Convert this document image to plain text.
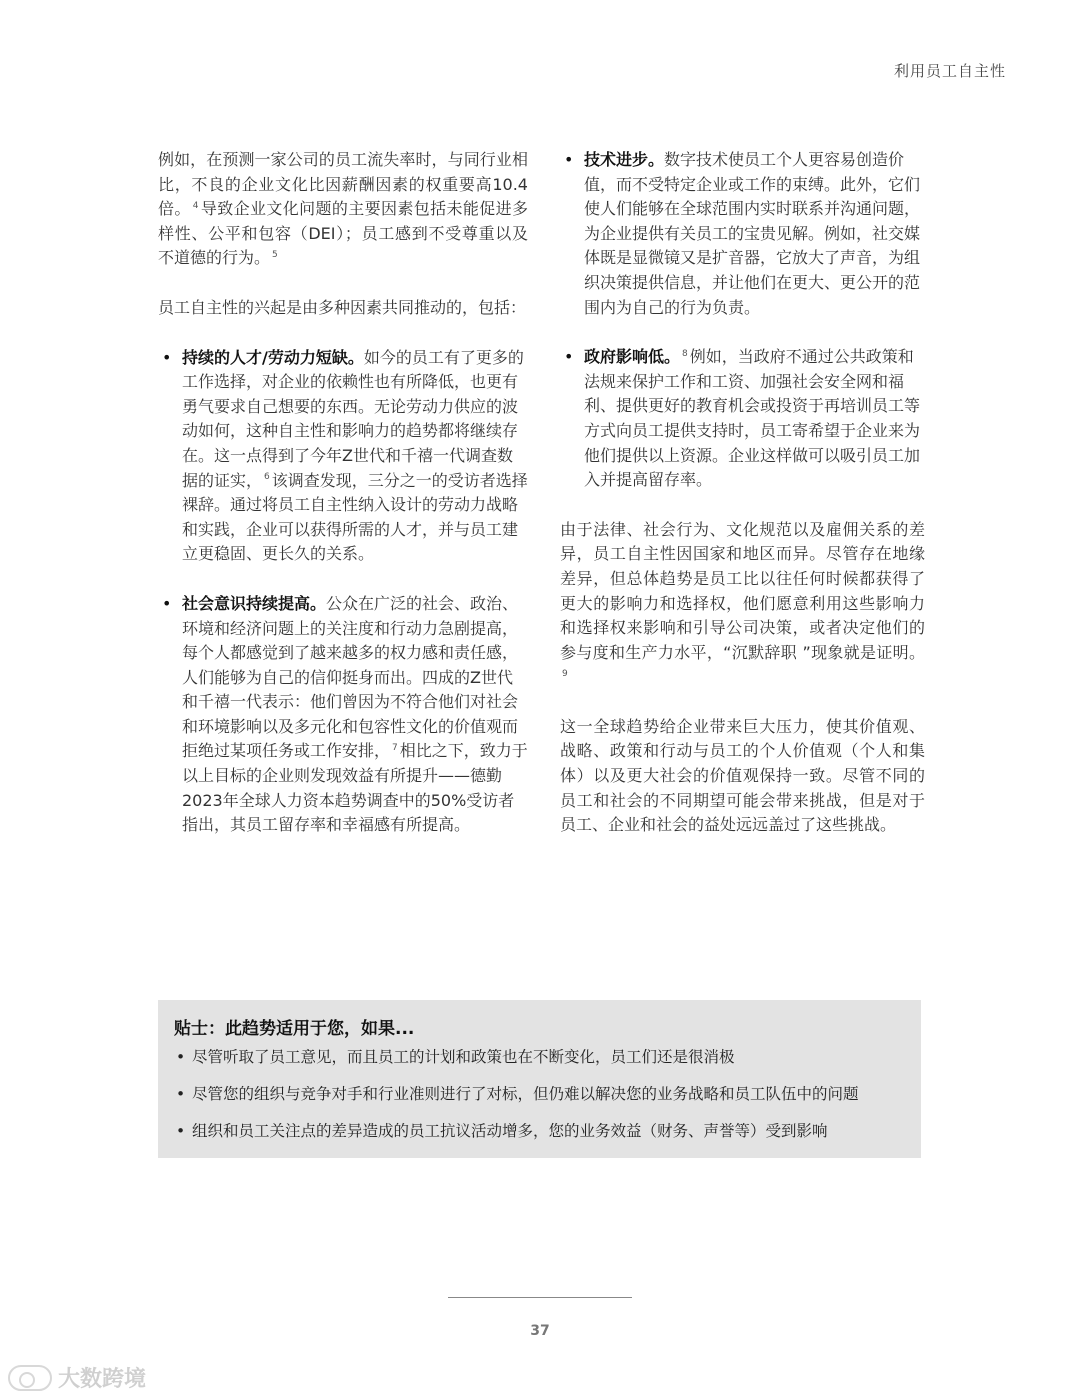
利用员工自主性

例如，在预测一家公司的员工流失率时，与同行业相比，不良的企业文化比因薪酬因素的权重要高10.4倍。 $^4$ 导致企业文化问题的主要因素包括未能促进多样性、公平和包容（DEI）；员工感到不受尊重以及不道德的行为。 $^5$

员工自主性的兴起是由多种因素共同推动的，包括：

• 持续的人才/劳动力短缺。如今的员工有了更多的工作选择，对企业的依赖性也有所降低，也更有勇气要求自己想要的东西。无论劳动力供应的波动如何，这种自主性和影响力的趋势都将继续存在。这一点得到了今年Z世代和千禧一代调查数据的证实， $^6$ 该调查发现，三分之一的受访者选择裸辞。通过将员工自主性纳入设计的劳动力战略和实践，企业可以获得所需的人才，并与员工建立更稳固、更长久的关系。
• 社会意识持续提高。公众在广泛的社会、政治、环境和经济问题上的关注度和行动力急剧提高，每个人都感觉到了越来越多的权力感和责任感，人们能够为自己的信仰挺身而出。四成的Z世代和千禧一代表示：他们曾因为不符合他们对社会和环境影响以及多元化和包容性文化的价值观而拒绝过某项任务或工作安排， $^7$ 相比之下，致力于以上目标的企业则发现效益有所提升——德勤2023年全球人力资本趋势调查中的50%受访者指出，其员工留存率和幸福感有所提高。
• 技术进步。数字技术使员工个人更容易创造价值，而不受特定企业或工作的束缚。此外，它们使人们能够在全球范围内实时联系并沟通问题，为企业提供有关员工的宝贵见解。例如，社交媒体既是显微镜又是扩音器，它放大了声音，为组织决策提供信息，并让他们在更大、更公开的范围内为自己的行为负责。
• 政府影响低。 $^8$ 例如，当政府不通过公共政策和法规来保护工作和工资、加强社会安全网和福利、提供更好的教育机会或投资于再培训员工等方式向员工提供支持时，员工寄希望于企业来为他们提供以上资源。企业这样做可以吸引员工加入并提高留存率。

由于法律、社会行为、文化规范以及雇佣关系的差异，员工自主性因国家和地区而异。尽管存在地缘差异，但总体趋势是员工比以往任何时候都获得了更大的影响力和选择权，他们愿意利用这些影响力和选择权来影响和引导公司决策，或者决定他们的参与度和生产力水平，“沉默辞职 ”现象就是证明。$^9$

这一全球趋势给企业带来巨大压力，使其价值观、战略、政策和行动与员工的个人价值观（个人和集体）以及更大社会的价值观保持一致。尽管不同的员工和社会的不同期望可能会带来挑战，但是对于员工、企业和社会的益处远远盖过了这些挑战。

贴士：此趋势适用于您，如果...
• 尽管听取了员工意见，而且员工的计划和政策也在不断变化，员工们还是很消极
• 尽管您的组织与竞争对手和行业准则进行了对标，但仍难以解决您的业务战略和员工队伍中的问题
• 组织和员工关注点的差异造成的员工抗议活动增多，您的业务效益（财务、声誉等）受到影响
37
大数跨境
